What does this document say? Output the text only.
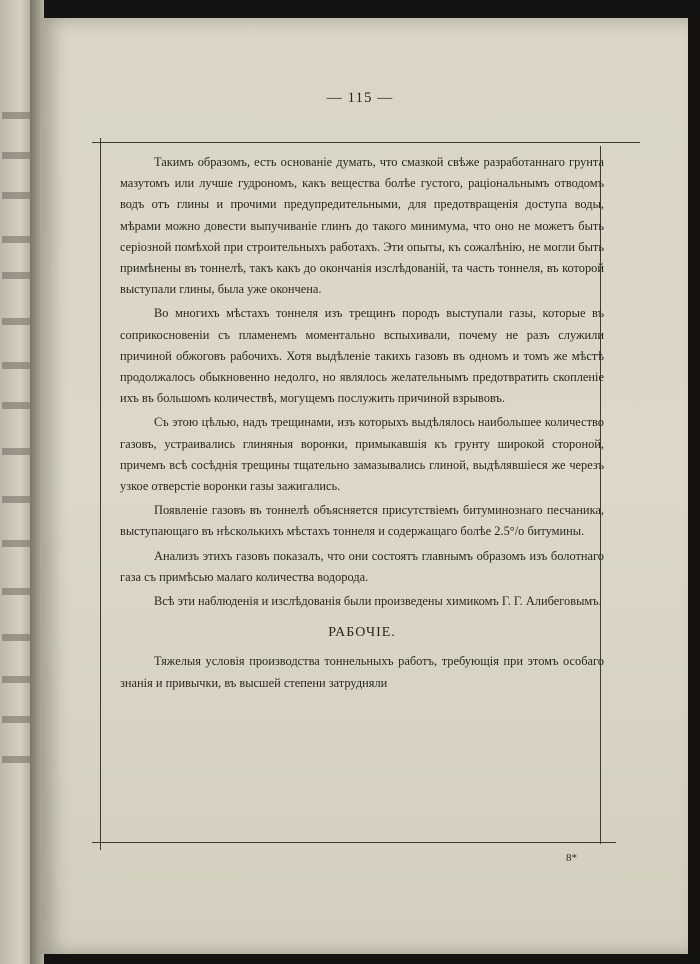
— 115 —

Такимъ образомъ, есть основанiе думать, что смазкой свѣже разработаннаго грунта мазутомъ или лучше гудрономъ, какъ вещества болѣе густого, рацiональнымъ отводомъ водъ отъ глины и прочими предупредительными, для предотвращенiя доступа воды, мѣрами можно довести выпучиванiе глинъ до такого минимума, что оно не можетъ быть серiозной помѣхой при строительныхъ работахъ. Эти опыты, къ сожалѣнiю, не могли быть примѣнены въ тоннелѣ, такъ какъ до окончанiя изслѣдованiй, та часть тоннеля, въ которой выступали глины, была уже окончена.

Во многихъ мѣстахъ тоннеля изъ трещинъ породъ выступали газы, которые въ соприкосновенiи съ пламенемъ моментально вспыхивали, почему не разъ служили причиной обжоговъ рабочихъ. Хотя выдѣленiе такихъ газовъ въ одномъ и томъ же мѣстѣ продолжалось обыкновенно недолго, но являлось желательнымъ предотвратить скопленiе ихъ въ большомъ количествѣ, могущемъ послужить причиной взрывовъ.

Съ этою цѣлью, надъ трещинами, изъ которыхъ выдѣлялось наибольшее количество газовъ, устраивались глиняныя воронки, примыкавшiя къ грунту широкой стороной, причемъ всѣ сосѣднiя трещины тщательно замазывались глиной, выдѣлявшiеся же черезъ узкое отверстiе воронки газы зажигались.

Появленiе газовъ въ тоннелѣ объясняется присутствiемъ битуминознаго песчаника, выступающаго въ нѣсколькихъ мѣстахъ тоннеля и содержащаго болѣе 2.5°/o битумины.

Анализъ этихъ газовъ показалъ, что они состоятъ главнымъ образомъ изъ болотнаго газа съ примѣсью малаго количества водорода.

Всѣ эти наблюденiя и изслѣдованiя были произведены химикомъ Г. Г. Алибеговымъ.

РАБОЧIЕ.

Тяжелыя условiя производства тоннельныхъ работъ, требующiя при этомъ особаго знанiя и привычки, въ высшей степени затрудняли

8*
